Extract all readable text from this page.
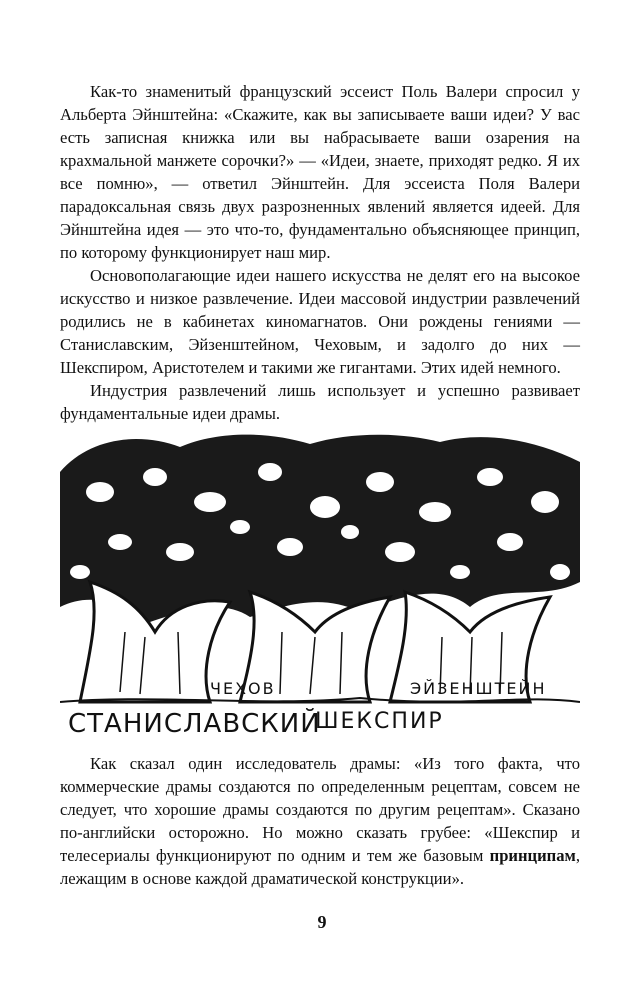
Как-то знаменитый французский эссеист Поль Валери спросил у Альберта Эйнштейна: «Скажите, как вы записываете ваши идеи? У вас есть записная книжка или вы набрасываете ваши озарения на крахмальной манжете сорочки?» — «Идеи, знаете, приходят редко. Я их все помню», — ответил Эйнштейн. Для эссеиста Поля Валери парадоксальная связь двух разрозненных явлений является идеей. Для Эйнштейна идея — это что-то, фундаментально объясняющее принцип, по которому функционирует наш мир.

Основополагающие идеи нашего искусства не делят его на высокое искусство и низкое развлечение. Идеи массовой индустрии развлечений родились не в кабинетах киномагнатов. Они рождены гениями — Станиславским, Эйзенштейном, Чеховым, и задолго до них — Шекспиром, Аристотелем и такими же гигантами. Этих идей немного.

Индустрия развлечений лишь использует и успешно развивает фундаментальные идеи драмы.

ЧЕХОВ	ЭЙЗЕНШТЕЙН
СТАНИСЛАВСКИЙ
ШЕКСПИР

Как сказал один исследователь драмы: «Из того факта, что коммерческие драмы создаются по определенным рецептам, совсем не следует, что хорошие драмы создаются по другим рецептам». Сказано по-английски осторожно. Но можно сказать грубее: «Шекспир и телесериалы функционируют по одним и тем же базовым принципам, лежащим в основе каждой драматической конструкции».

9
